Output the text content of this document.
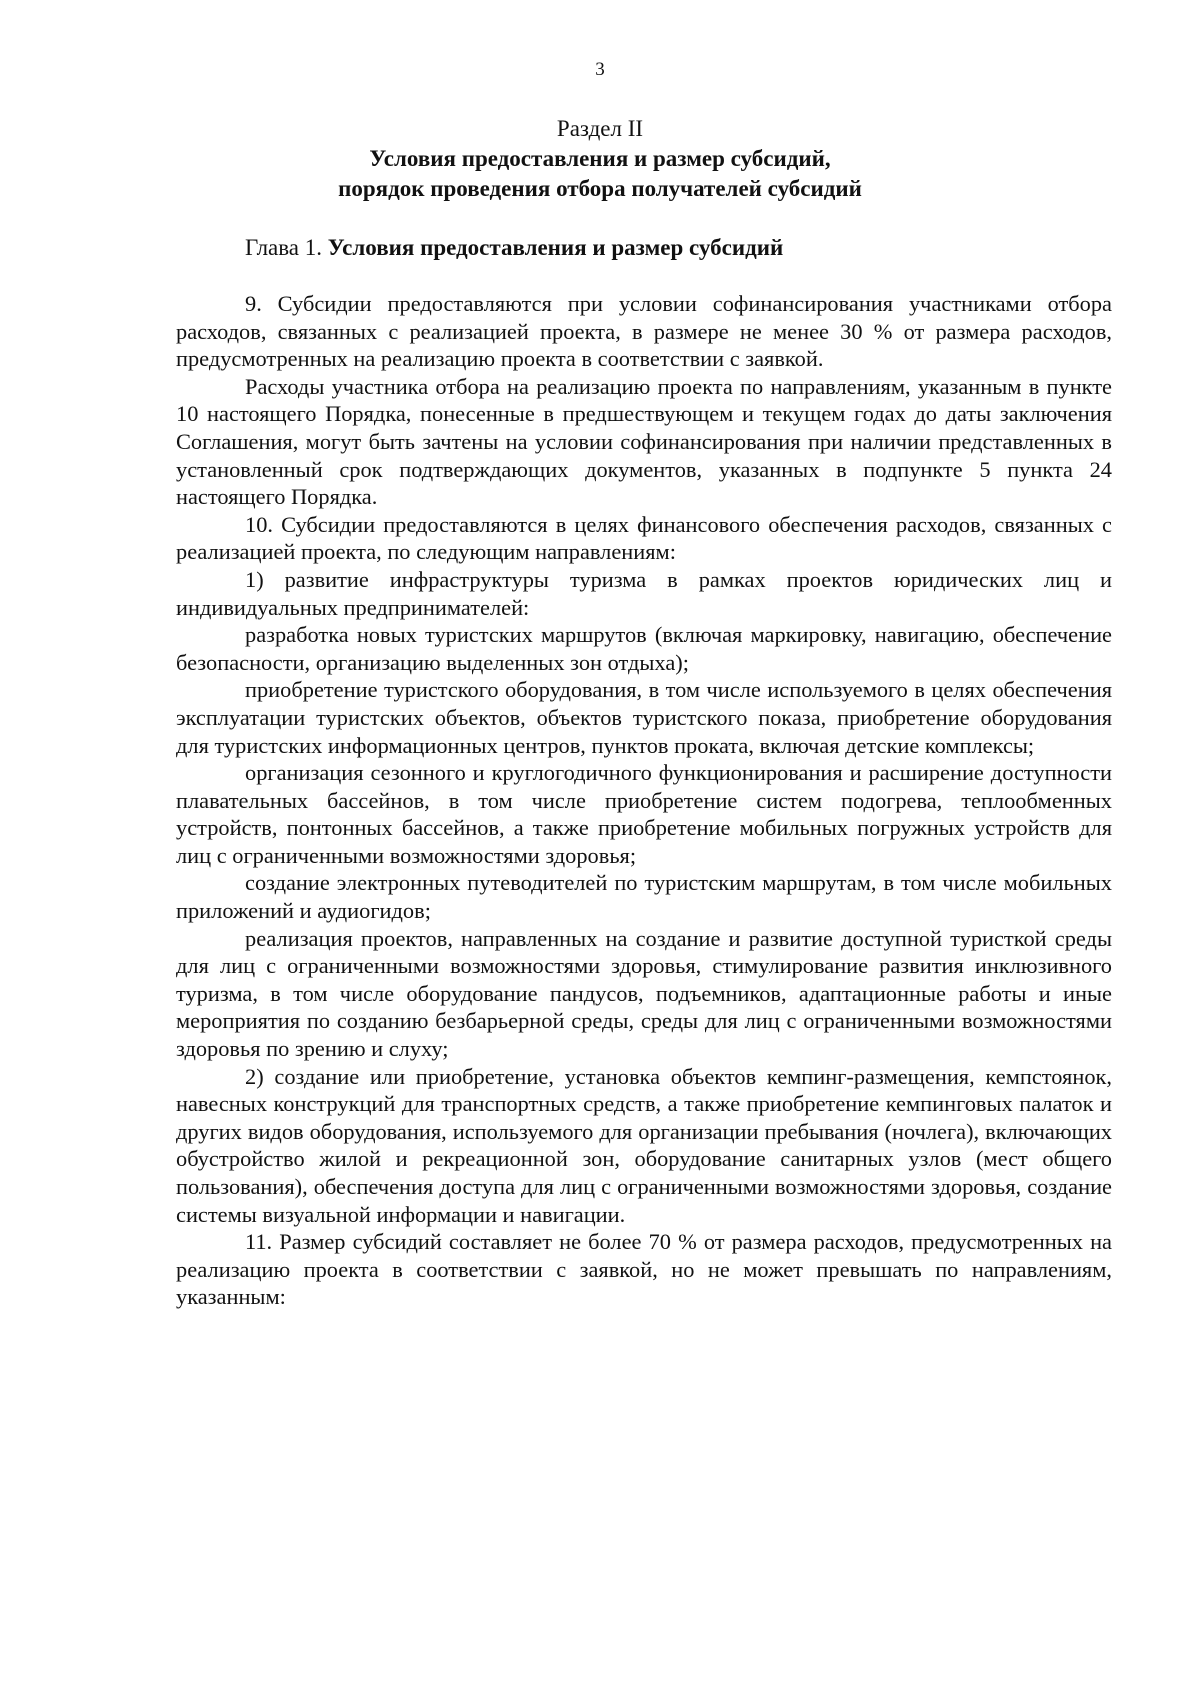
3
Раздел II
Условия предоставления и размер субсидий,
порядок проведения отбора получателей субсидий
Глава 1. Условия предоставления и размер субсидий

9. Субсидии предоставляются при условии софинансирования участниками отбора расходов, связанных с реализацией проекта, в размере не менее 30 % от размера расходов, предусмотренных на реализацию проекта в соответствии с заявкой.

Расходы участника отбора на реализацию проекта по направлениям, указанным в пункте 10 настоящего Порядка, понесенные в предшествующем и текущем годах до даты заключения Соглашения, могут быть зачтены на условии софинансирования при наличии представленных в установленный срок подтверждающих документов, указанных в подпункте 5 пункта 24 настоящего Порядка.

10. Субсидии предоставляются в целях финансового обеспечения расходов, связанных с реализацией проекта, по следующим направлениям:

1) развитие инфраструктуры туризма в рамках проектов юридических лиц и индивидуальных предпринимателей:

разработка новых туристских маршрутов (включая маркировку, навигацию, обеспечение безопасности, организацию выделенных зон отдыха);

приобретение туристского оборудования, в том числе используемого в целях обеспечения эксплуатации туристских объектов, объектов туристского показа, приобретение оборудования для туристских информационных центров, пунктов проката, включая детские комплексы;

организация сезонного и круглогодичного функционирования и расширение доступности плавательных бассейнов, в том числе приобретение систем подогрева, теплообменных устройств, понтонных бассейнов, а также приобретение мобильных погружных устройств для лиц с ограниченными возможностями здоровья;

создание электронных путеводителей по туристским маршрутам, в том числе мобильных приложений и аудиогидов;

реализация проектов, направленных на создание и развитие доступной туристкой среды для лиц с ограниченными возможностями здоровья, стимулирование развития инклюзивного туризма, в том числе оборудование пандусов, подъемников, адаптационные работы и иные мероприятия по созданию безбарьерной среды, среды для лиц с ограниченными возможностями здоровья по зрению и слуху;

2) создание или приобретение, установка объектов кемпинг-размещения, кемпстоянок, навесных конструкций для транспортных средств, а также приобретение кемпинговых палаток и других видов оборудования, используемого для организации пребывания (ночлега), включающих обустройство жилой и рекреационной зон, оборудование санитарных узлов (мест общего пользования), обеспечения доступа для лиц с ограниченными возможностями здоровья, создание системы визуальной информации и навигации.

11. Размер субсидий составляет не более 70 % от размера расходов, предусмотренных на реализацию проекта в соответствии с заявкой, но не может превышать по направлениям, указанным:
